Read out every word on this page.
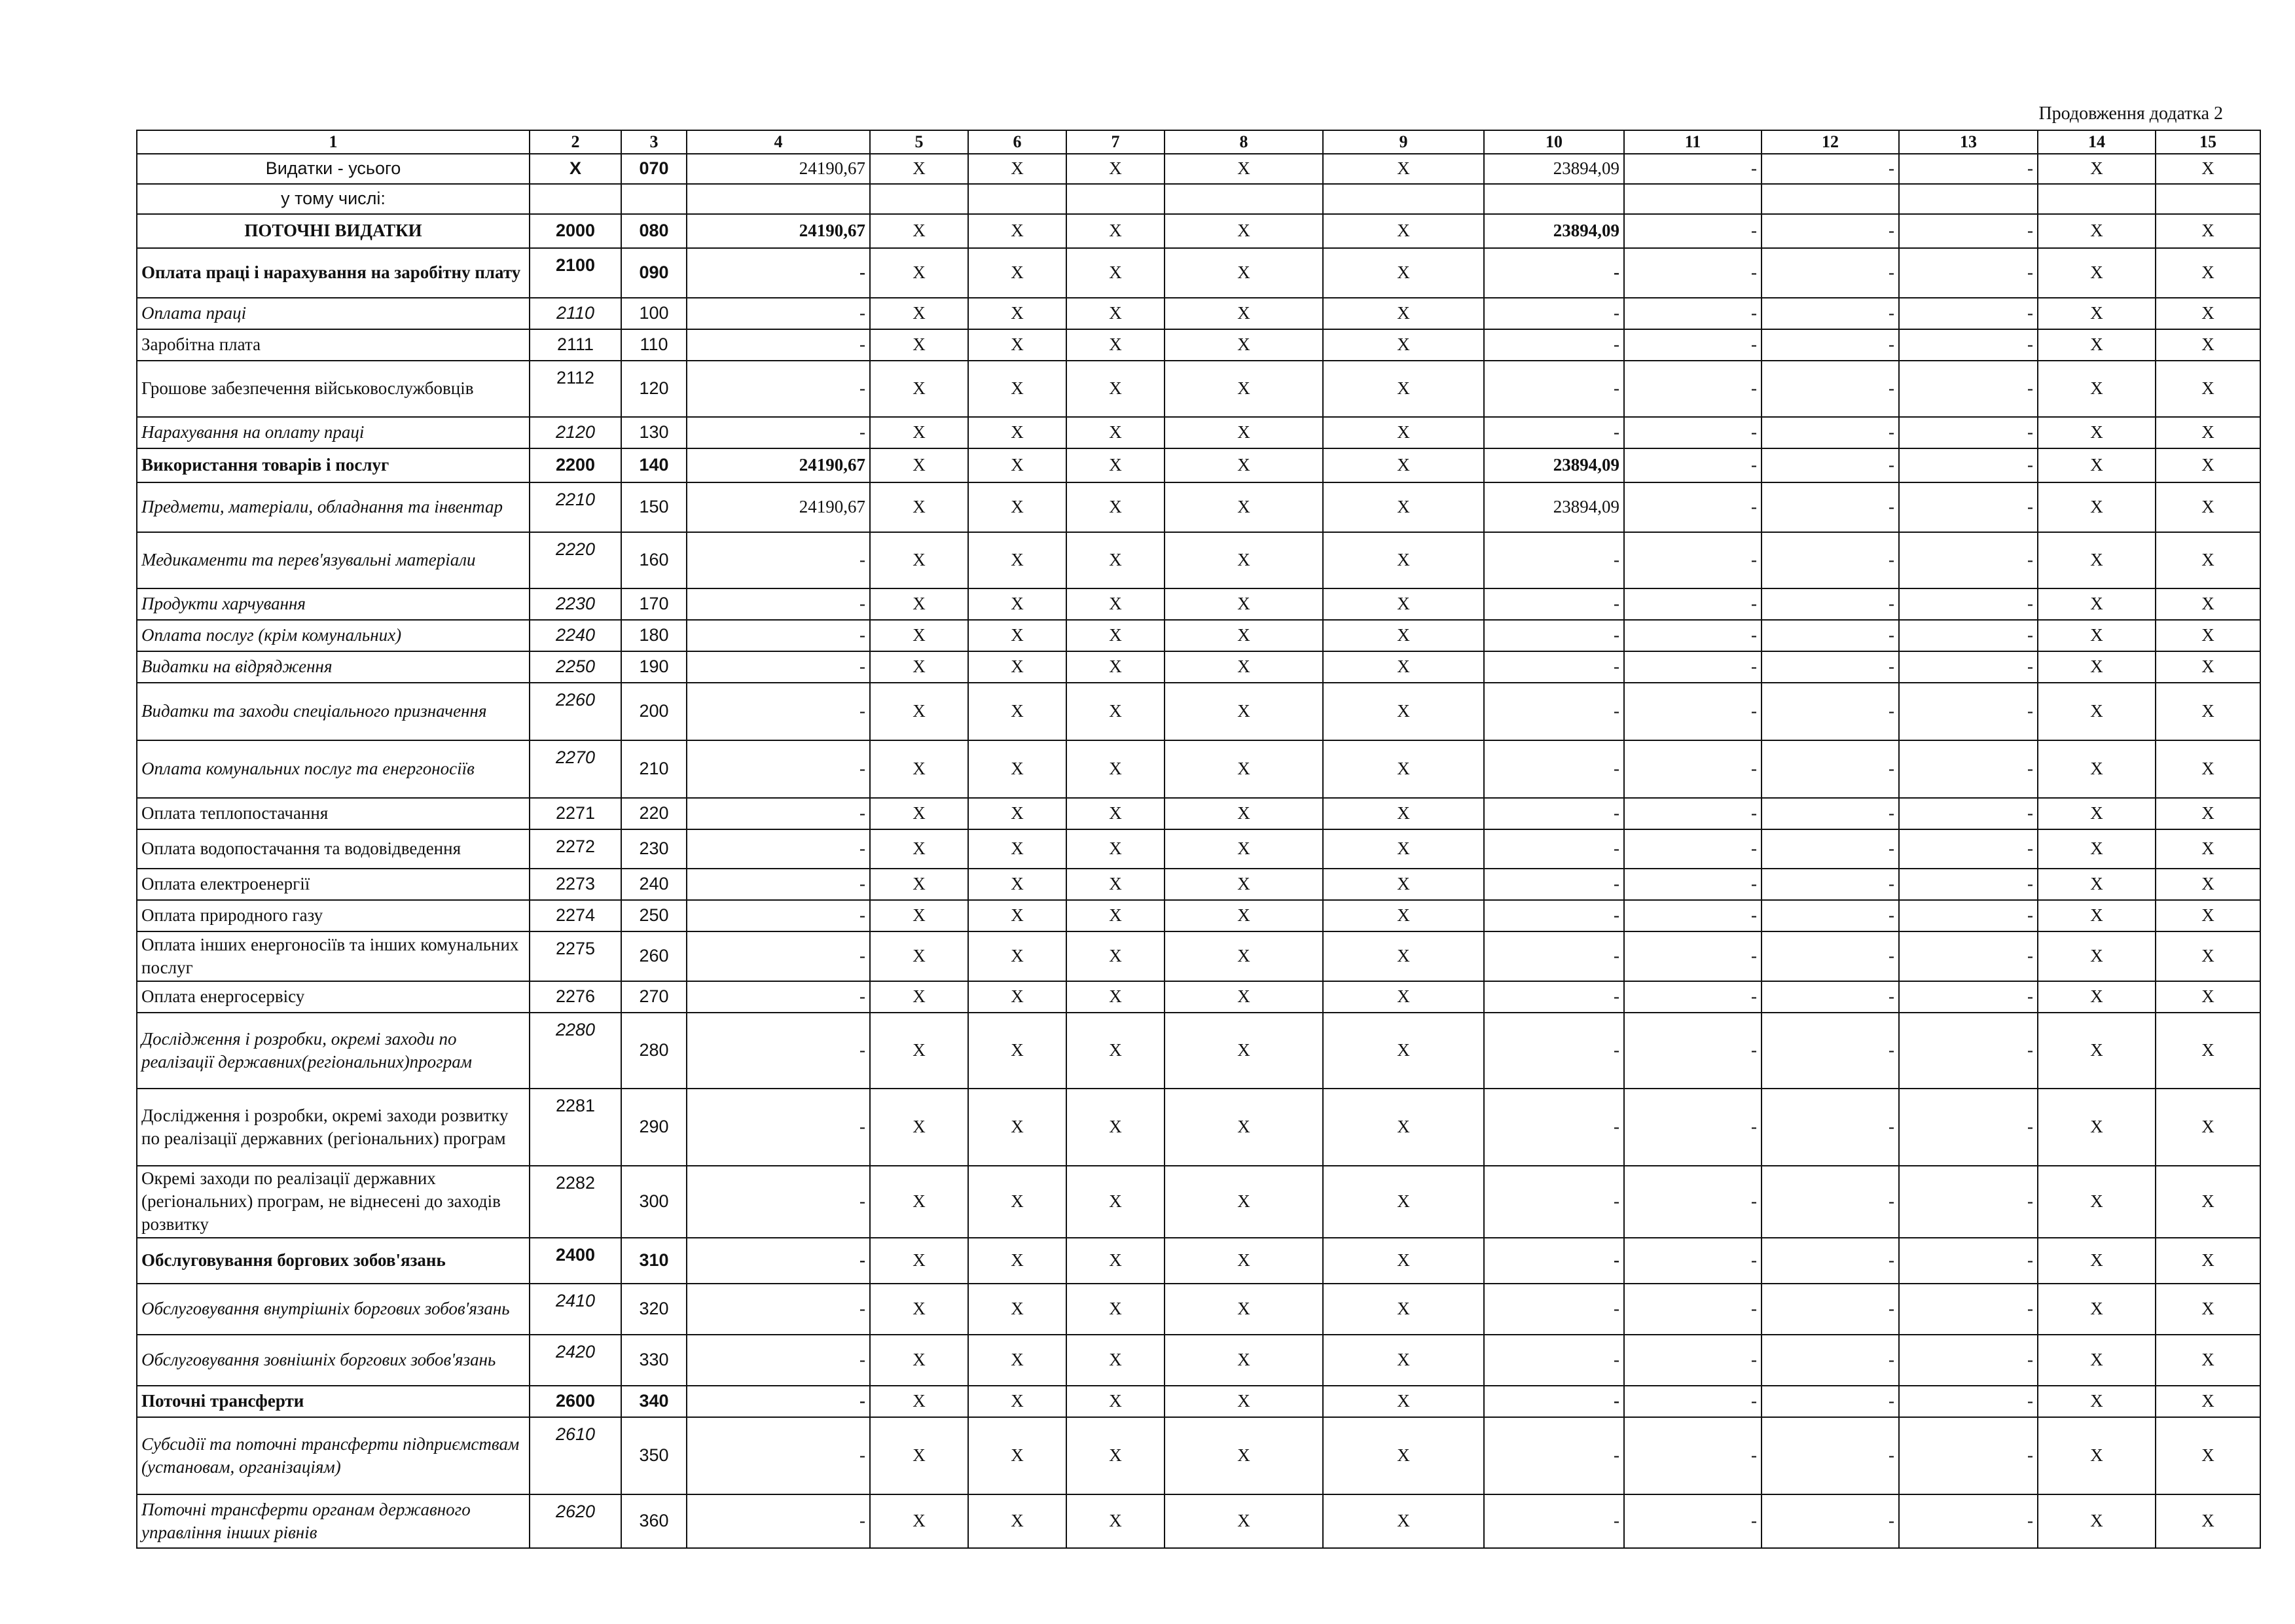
Продовження додатка 2
1	2	3	4	5	6	7	8	9	10	11	12	13	14	15
Видатки - усього	Х	070	24190,67	Х	Х	Х	Х	Х	23894,09	-	-	-	Х	Х
у тому числі:														
ПОТОЧНІ ВИДАТКИ	2000	080	24190,67	Х	Х	Х	Х	Х	23894,09	-	-	-	Х	Х
Оплата праці і нарахування на заробітну плату	2100	090	-	Х	Х	Х	Х	Х	-	-	-	-	Х	Х
Оплата праці	2110	100	-	Х	Х	Х	Х	Х	-	-	-	-	Х	Х
Заробітна плата	2111	110	-	Х	Х	Х	Х	Х	-	-	-	-	Х	Х
Грошове забезпечення військовослужбовців	2112	120	-	Х	Х	Х	Х	Х	-	-	-	-	Х	Х
Нарахування на оплату праці	2120	130	-	Х	Х	Х	Х	Х	-	-	-	-	Х	Х
Використання товарів і послуг	2200	140	24190,67	Х	Х	Х	Х	Х	23894,09	-	-	-	Х	Х
Предмети, матеріали, обладнання та інвентар	2210	150	24190,67	Х	Х	Х	Х	Х	23894,09	-	-	-	Х	Х
Медикаменти та перев'язувальні матеріали	2220	160	-	Х	Х	Х	Х	Х	-	-	-	-	Х	Х
Продукти харчування	2230	170	-	Х	Х	Х	Х	Х	-	-	-	-	Х	Х
Оплата послуг (крім комунальних)	2240	180	-	Х	Х	Х	Х	Х	-	-	-	-	Х	Х
Видатки на відрядження	2250	190	-	Х	Х	Х	Х	Х	-	-	-	-	Х	Х
Видатки та заходи спеціального призначення	2260	200	-	Х	Х	Х	Х	Х	-	-	-	-	Х	Х
Оплата комунальних послуг та енергоносіїв	2270	210	-	Х	Х	Х	Х	Х	-	-	-	-	Х	Х
Оплата теплопостачання	2271	220	-	Х	Х	Х	Х	Х	-	-	-	-	Х	Х
Оплата водопостачання та водовідведення	2272	230	-	Х	Х	Х	Х	Х	-	-	-	-	Х	Х
Оплата електроенергії	2273	240	-	Х	Х	Х	Х	Х	-	-	-	-	Х	Х
Оплата природного газу	2274	250	-	Х	Х	Х	Х	Х	-	-	-	-	Х	Х
Оплата інших енергоносіїв та інших комунальних послуг	2275	260	-	Х	Х	Х	Х	Х	-	-	-	-	Х	Х
Оплата енергосервісу	2276	270	-	Х	Х	Х	Х	Х	-	-	-	-	Х	Х
Дослідження і розробки, окремі заходи по реалізації державних(регіональних)програм	2280	280	-	Х	Х	Х	Х	Х	-	-	-	-	Х	Х
Дослідження і розробки, окремі заходи розвитку по реалізації державних (регіональних) програм	2281	290	-	Х	Х	Х	Х	Х	-	-	-	-	Х	Х
Окремі заходи по реалізації державних (регіональних) програм, не віднесені до заходів розвитку	2282	300	-	Х	Х	Х	Х	Х	-	-	-	-	Х	Х
Обслуговування боргових зобов'язань	2400	310	-	Х	Х	Х	Х	Х	-	-	-	-	Х	Х
Обслуговування внутрішніх боргових зобов'язань	2410	320	-	Х	Х	Х	Х	Х	-	-	-	-	Х	Х
Обслуговування зовнішніх боргових зобов'язань	2420	330	-	Х	Х	Х	Х	Х	-	-	-	-	Х	Х
Поточні трансферти	2600	340	-	Х	Х	Х	Х	Х	-	-	-	-	Х	Х
Субсидії та поточні трансферти підприємствам (установам, організаціям)	2610	350	-	Х	Х	Х	Х	Х	-	-	-	-	Х	Х
Поточні трансферти органам державного управління інших рівнів	2620	360	-	Х	Х	Х	Х	Х	-	-	-	-	Х	Х
